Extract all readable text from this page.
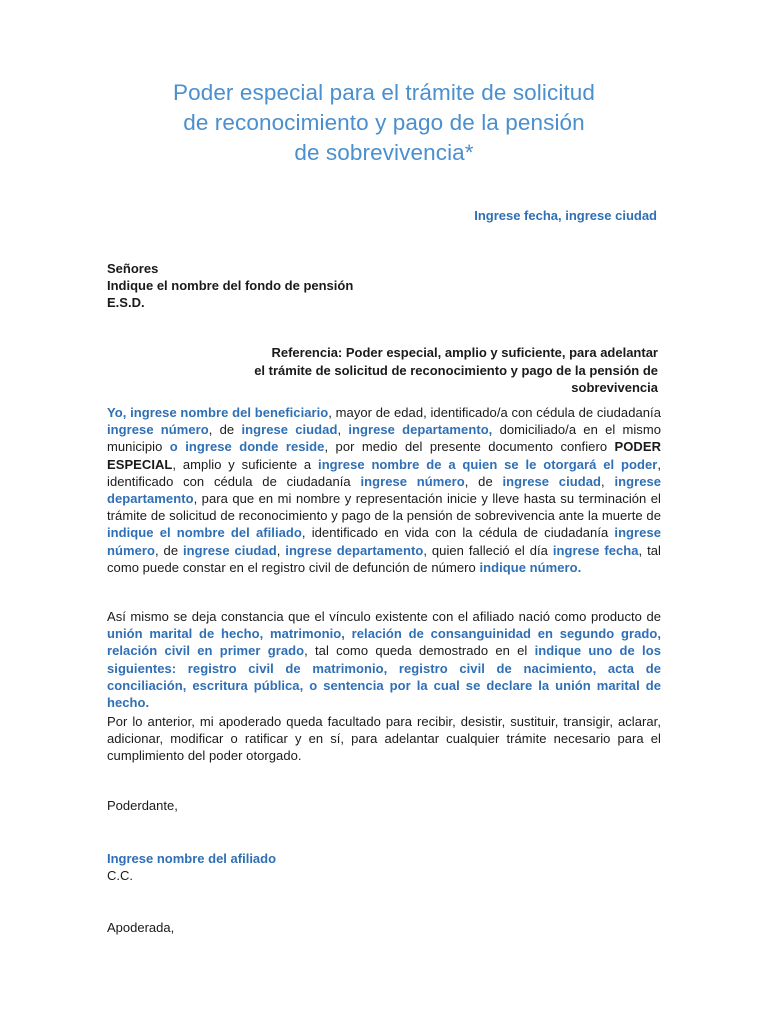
Poder especial para el trámite de solicitud
de reconocimiento y pago de la pensión
de sobrevivencia*
Ingrese fecha, ingrese ciudad
Señores
Indique el nombre del fondo de pensión
E.S.D.
Referencia: Poder especial, amplio y suficiente, para adelantar
el trámite de solicitud de reconocimiento y pago de la pensión de
sobrevivencia
Yo, ingrese nombre del beneficiario, mayor de edad, identificado/a con cédula de ciudadanía ingrese número, de ingrese ciudad, ingrese departamento, domiciliado/a en el mismo municipio o ingrese donde reside, por medio del presente documento confiero PODER ESPECIAL, amplio y suficiente a ingrese nombre de a quien se le otorgará el poder, identificado con cédula de ciudadanía ingrese número, de ingrese ciudad, ingrese departamento, para que en mi nombre y representación inicie y lleve hasta su terminación el trámite de solicitud de reconocimiento y pago de la pensión de sobrevivencia ante la muerte de indique el nombre del afiliado, identificado en vida con la cédula de ciudadanía ingrese número, de ingrese ciudad, ingrese departamento, quien falleció el día ingrese fecha, tal como puede constar en el registro civil de defunción de número indique número.
Así mismo se deja constancia que el vínculo existente con el afiliado nació como producto de unión marital de hecho, matrimonio, relación de consanguinidad en segundo grado, relación civil en primer grado, tal como queda demostrado en el indique uno de los siguientes: registro civil de matrimonio, registro civil de nacimiento, acta de conciliación, escritura pública, o sentencia por la cual se declare la unión marital de hecho.
Por lo anterior, mi apoderado queda facultado para recibir, desistir, sustituir, transigir, aclarar, adicionar, modificar o ratificar y en sí, para adelantar cualquier trámite necesario para el cumplimiento del poder otorgado.
Poderdante,
Ingrese nombre del afiliado
C.C.
Apoderada,
